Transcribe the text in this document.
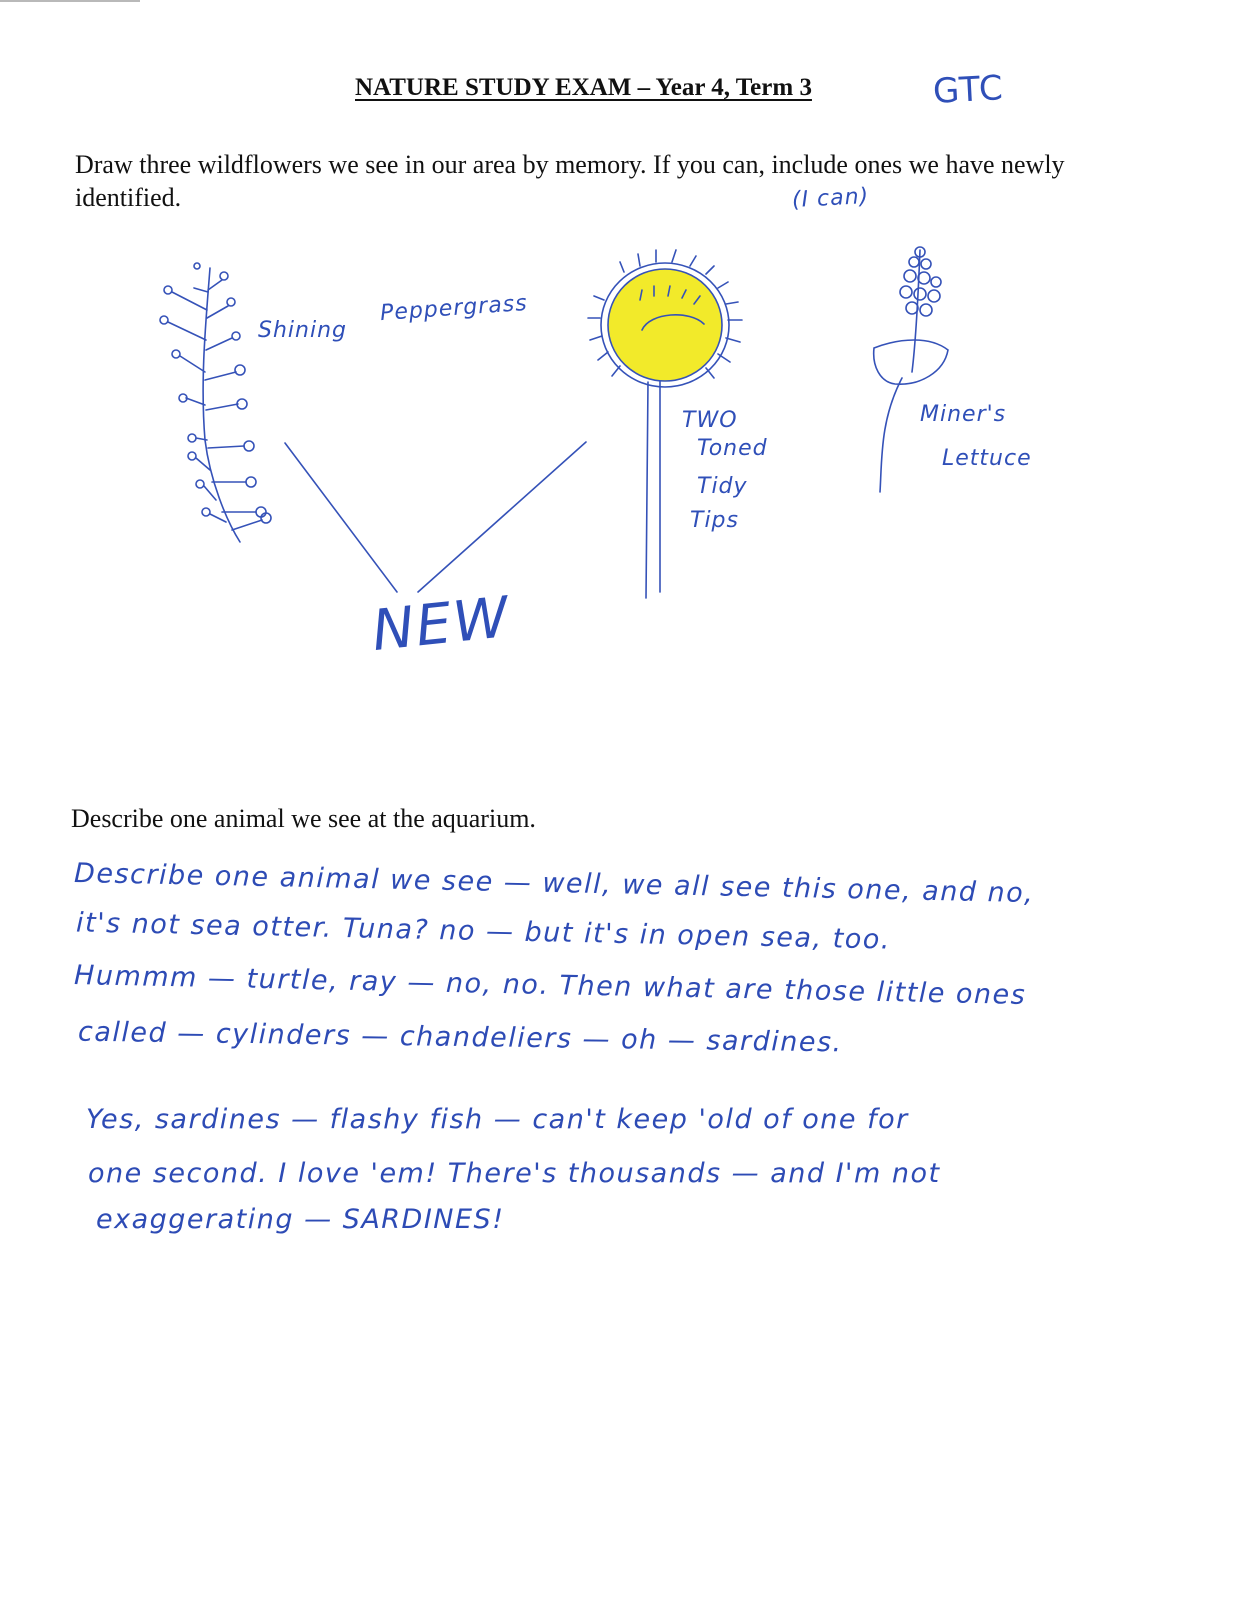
NATURE STUDY EXAM – Year 4, Term 3	GTC
Draw three wildflowers we see in our area by memory. If you can, include ones we have newly identified.	(I can)
Shining
Peppergrass
TWO
Toned
Tidy
Tips
Miner's
Lettuce
NEW
Describe one animal we see at the aquarium.
Describe one animal we see — well, we all see this one, and no,
it's not sea otter. Tuna? no — but it's in open sea, too.
Hummm — turtle, ray — no, no. Then what are those little ones
called — cylinders — chandeliers — oh — sardines.
Yes, sardines — flashy fish — can't keep 'old of one for
one second. I love 'em! There's thousands — and I'm not
exaggerating — SARDINES!
